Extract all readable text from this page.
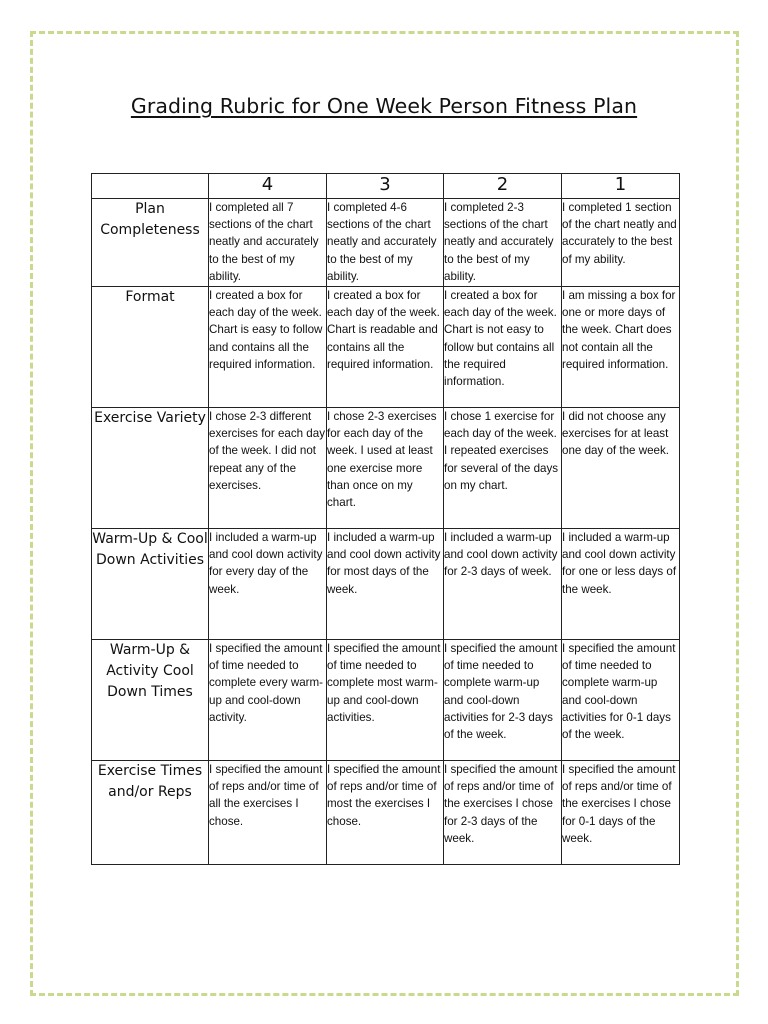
Grading Rubric for One Week Person Fitness Plan
	4	3	2	1
Plan Completeness	I completed all 7 sections of the chart neatly and accurately to the best of my ability.	I completed 4-6 sections of the chart neatly and accurately to the best of my ability.	I completed 2-3 sections of the chart neatly and accurately to the best of my ability.	I completed 1 section of the chart neatly and accurately to the best of my ability.
Format	I created a box for each day of the week. Chart is easy to follow and contains all the required information.	I created a box for each day of the week. Chart is readable and contains all the required information.	I created a box for each day of the week. Chart is not easy to follow but contains all the required information.	I am missing a box for one or more days of the week. Chart does not contain all the required information.
Exercise Variety	I chose 2-3 different exercises for each day of the week. I did not repeat any of the exercises.	I chose 2-3 exercises for each day of the week. I used at least one exercise more than once on my chart.	I chose 1 exercise for each day of the week. I repeated exercises for several of the days on my chart.	I did not choose any exercises for at least one day of the week.
Warm-Up & Cool Down Activities	I included a warm-up and cool down activity for every day of the week.	I included a warm-up and cool down activity for most days of the week.	I included a warm-up and cool down activity for 2-3 days of week.	I included a warm-up and cool down activity for one or less days of the week.
Warm-Up & Activity Cool Down Times	I specified the amount of time needed to complete every warm-up and cool-down activity.	I specified the amount of time needed to complete most warm-up and cool-down activities.	I specified the amount of time needed to complete warm-up and cool-down activities for 2-3 days of the week.	I specified the amount of time needed to complete warm-up and cool-down activities for 0-1 days of the week.
Exercise Times and/or Reps	I specified the amount of reps and/or time of all the exercises I chose.	I specified the amount of reps and/or time of most the exercises I chose.	I specified the amount of reps and/or time of the exercises I chose for 2-3 days of the week.	I specified the amount of reps and/or time of the exercises I chose for 0-1 days of the week.
